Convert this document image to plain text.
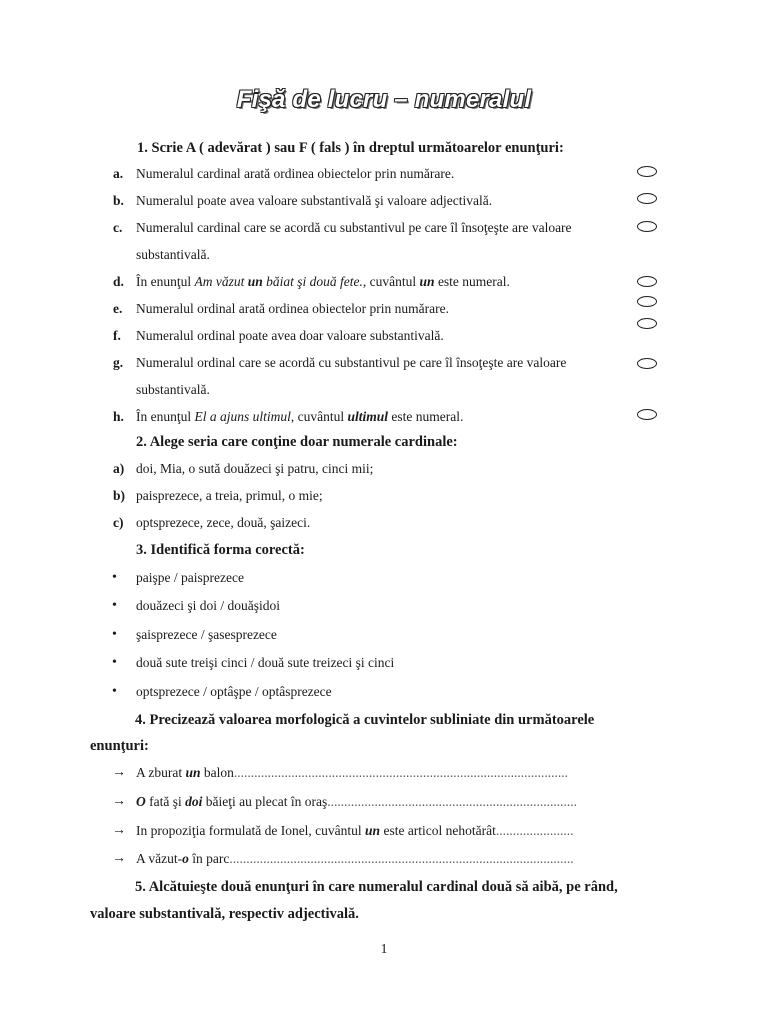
Fişă de lucru – numeralul
1. Scrie A ( adevărat ) sau F ( fals ) în dreptul următoarelor enunţuri:
a. Numeralul cardinal arată ordinea obiectelor prin numărare.
b. Numeralul poate avea valoare substantivală şi valoare adjectivală.
c. Numeralul cardinal care se acordă cu substantivul pe care îl însoţeşte are valoare
substantivală.
d. În enunţul Am văzut un băiat şi două fete., cuvântul un este numeral.
e. Numeralul ordinal arată ordinea obiectelor prin numărare.
f. Numeralul ordinal poate avea doar valoare substantivală.
g. Numeralul ordinal care se acordă cu substantivul pe care îl însoţeşte are valoare
substantivală.
h. În enunţul El a ajuns ultimul, cuvântul ultimul este numeral.
2. Alege seria care conţine doar numerale cardinale:
a) doi, Mia, o sută douăzeci şi patru, cinci mii;
b) paisprezece, a treia, primul, o mie;
c) optsprezece, zece, două, şaizeci.
3. Identifică forma corectă:
• paişpe / paisprezece
• douăzeci şi doi / douăşidoi
• şaisprezece / şasesprezece
• două sute treişi cinci / două sute treizeci şi cinci
• optsprezece / optâşpe / optâsprezece
4. Precizează valoarea morfologică a cuvintelor subliniate din următoarele
enunţuri:
→ A zburat un balon...................................................................................................
→ O fată şi doi băieţi au plecat în oraş..........................................................................
→ In propoziţia formulată de Ionel, cuvântul un este articol nehotărât.......................
→ A văzut-o în parc......................................................................................................
5. Alcătuieşte două enunţuri în care numeralul cardinal două să aibă, pe rând,
valoare substantivală, respectiv adjectivală.
1
